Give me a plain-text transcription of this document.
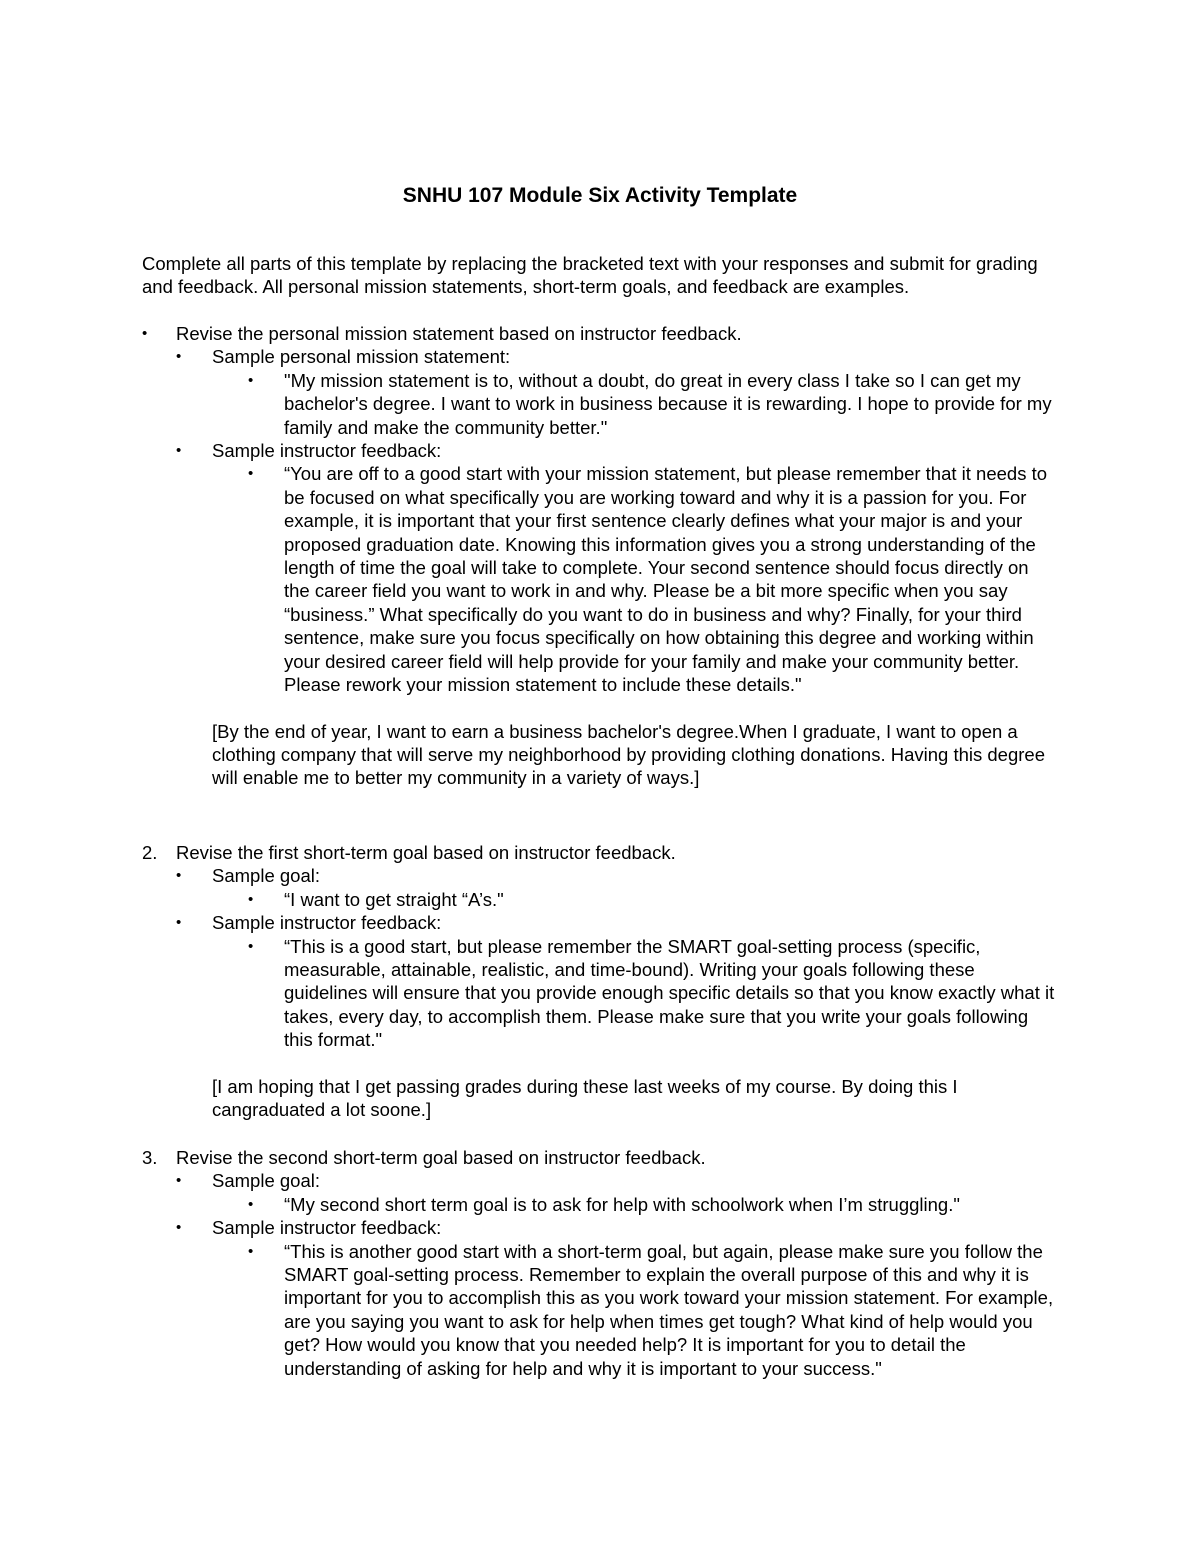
SNHU 107 Module Six Activity Template

Complete all parts of this template by replacing the bracketed text with your responses and submit for grading and feedback. All personal mission statements, short-term goals, and feedback are examples.

• Revise the personal mission statement based on instructor feedback.

• Sample personal mission statement:

• "My mission statement is to, without a doubt, do great in every class I take so I can get my bachelor's degree. I want to work in business because it is rewarding. I hope to provide for my family and make the community better."

• Sample instructor feedback:

• “You are off to a good start with your mission statement, but please remember that it needs to be focused on what specifically you are working toward and why it is a passion for you. For example, it is important that your first sentence clearly defines what your major is and your proposed graduation date. Knowing this information gives you a strong understanding of the length of time the goal will take to complete. Your second sentence should focus directly on the career field you want to work in and why. Please be a bit more specific when you say “business.” What specifically do you want to do in business and why? Finally, for your third sentence, make sure you focus specifically on how obtaining this degree and working within your desired career field will help provide for your family and make your community better. Please rework your mission statement to include these details."

[By the end of year, I want to earn a business bachelor's degree.When I graduate, I want to open a clothing company that will serve my neighborhood by providing clothing donations. Having this degree will enable me to better my community in a variety of ways.]

2. Revise the first short-term goal based on instructor feedback.

• Sample goal:

• “I want to get straight “A’s."

• Sample instructor feedback:

• “This is a good start, but please remember the SMART goal-setting process (specific, measurable, attainable, realistic, and time-bound). Writing your goals following these guidelines will ensure that you provide enough specific details so that you know exactly what it takes, every day, to accomplish them. Please make sure that you write your goals following this format."

[I am hoping that I get passing grades during these last weeks of my course. By doing this I cangraduated a lot soone.]

3. Revise the second short-term goal based on instructor feedback.

• Sample goal:

• “My second short term goal is to ask for help with schoolwork when I’m struggling."

• Sample instructor feedback:

• “This is another good start with a short-term goal, but again, please make sure you follow the SMART goal-setting process. Remember to explain the overall purpose of this and why it is important for you to accomplish this as you work toward your mission statement. For example, are you saying you want to ask for help when times get tough? What kind of help would you get? How would you know that you needed help? It is important for you to detail the understanding of asking for help and why it is important to your success."
